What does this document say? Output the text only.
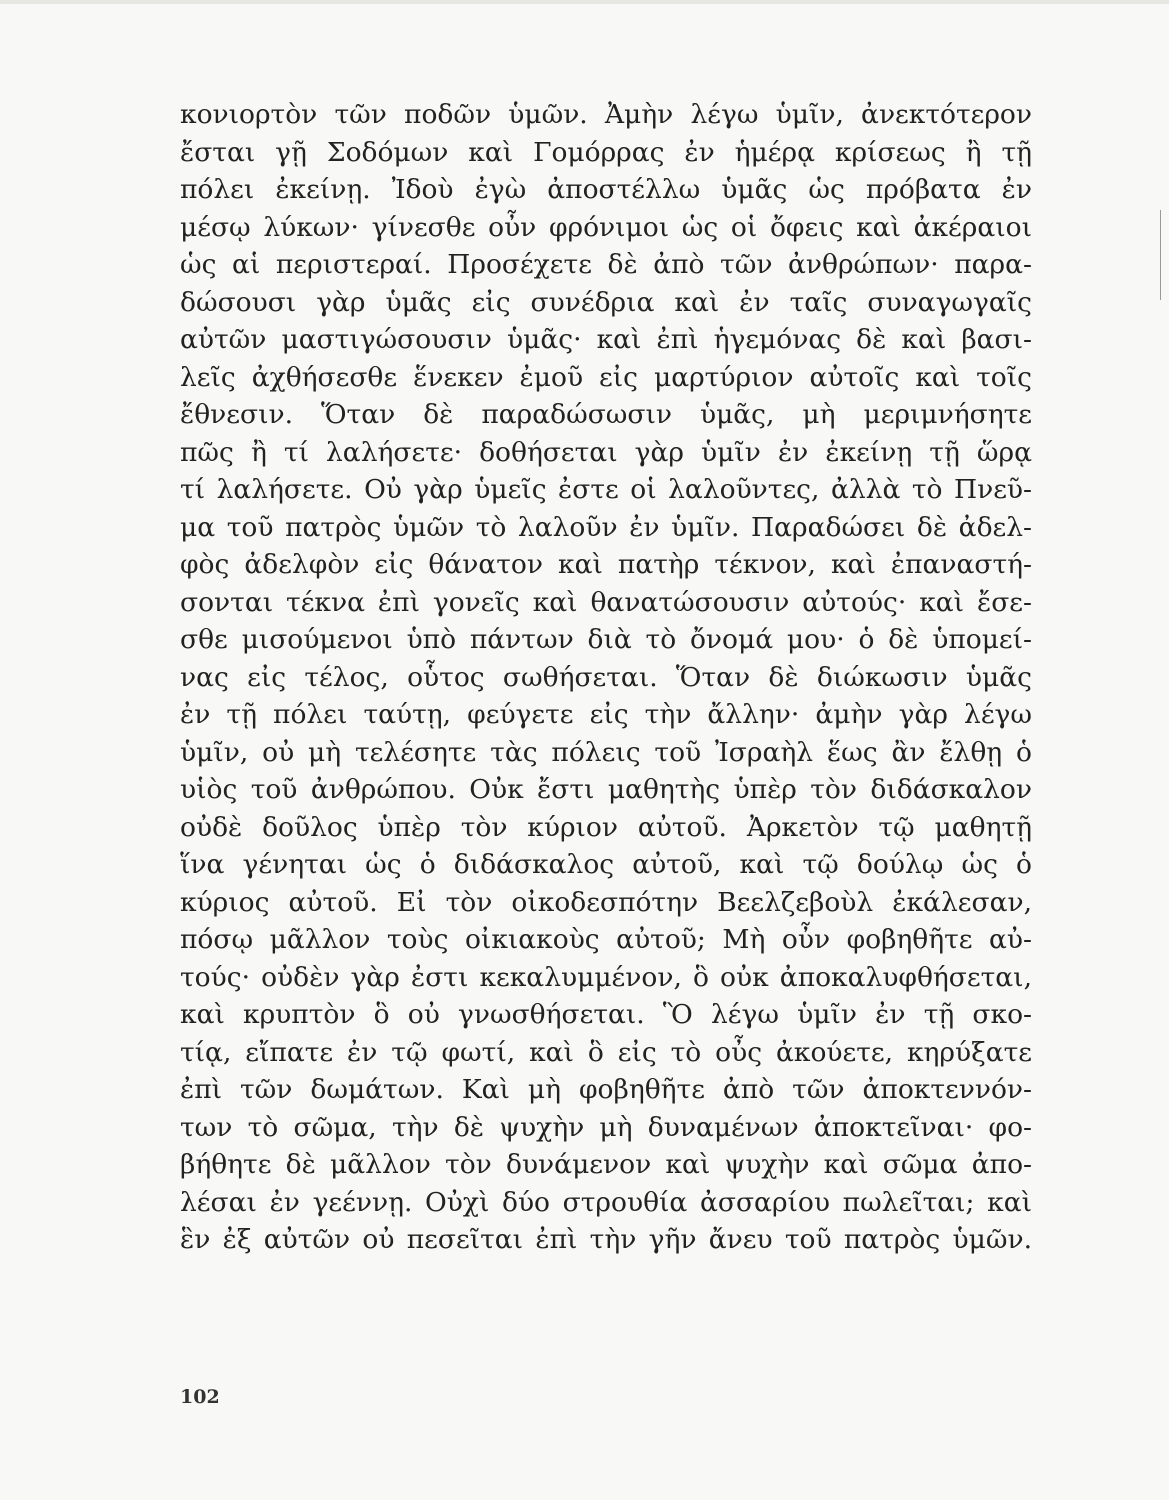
κονιορτὸν τῶν ποδῶν ὑμῶν. Ἀμὴν λέγω ὑμῖν, ἀνεκτότερον
ἔσται γῇ Σοδόμων καὶ Γομόρρας ἐν ἡμέρᾳ κρίσεως ἢ τῇ
πόλει ἐκείνῃ. Ἰδοὺ ἐγὼ ἀποστέλλω ὑμᾶς ὡς πρόβατα ἐν
μέσῳ λύκων· γίνεσθε οὖν φρόνιμοι ὡς οἱ ὄφεις καὶ ἀκέραιοι
ὡς αἱ περιστεραί. Προσέχετε δὲ ἀπὸ τῶν ἀνθρώπων· παρα-
δώσουσι γὰρ ὑμᾶς εἰς συνέδρια καὶ ἐν ταῖς συναγωγαῖς
αὐτῶν μαστιγώσουσιν ὑμᾶς· καὶ ἐπὶ ἡγεμόνας δὲ καὶ βασι-
λεῖς ἀχθήσεσθε ἕνεκεν ἐμοῦ εἰς μαρτύριον αὐτοῖς καὶ τοῖς
ἔθνεσιν. Ὅταν δὲ παραδώσωσιν ὑμᾶς, μὴ μεριμνήσητε
πῶς ἢ τί λαλήσετε· δοθήσεται γὰρ ὑμῖν ἐν ἐκείνῃ τῇ ὥρᾳ
τί λαλήσετε. Οὐ γὰρ ὑμεῖς ἐστε οἱ λαλοῦντες, ἀλλὰ τὸ Πνεῦ-
μα τοῦ πατρὸς ὑμῶν τὸ λαλοῦν ἐν ὑμῖν. Παραδώσει δὲ ἀδελ-
φὸς ἀδελφὸν εἰς θάνατον καὶ πατὴρ τέκνον, καὶ ἐπαναστή-
σονται τέκνα ἐπὶ γονεῖς καὶ θανατώσουσιν αὐτούς· καὶ ἔσε-
σθε μισούμενοι ὑπὸ πάντων διὰ τὸ ὄνομά μου· ὁ δὲ ὑπομεί-
νας εἰς τέλος, οὗτος σωθήσεται. Ὅταν δὲ διώκωσιν ὑμᾶς
ἐν τῇ πόλει ταύτῃ, φεύγετε εἰς τὴν ἄλλην· ἀμὴν γὰρ λέγω
ὑμῖν, οὐ μὴ τελέσητε τὰς πόλεις τοῦ Ἰσραὴλ ἕως ἂν ἔλθῃ ὁ
υἱὸς τοῦ ἀνθρώπου. Οὐκ ἔστι μαθητὴς ὑπὲρ τὸν διδάσκαλον
οὐδὲ δοῦλος ὑπὲρ τὸν κύριον αὐτοῦ. Ἀρκετὸν τῷ μαθητῇ
ἵνα γένηται ὡς ὁ διδάσκαλος αὐτοῦ, καὶ τῷ δούλῳ ὡς ὁ
κύριος αὐτοῦ. Εἰ τὸν οἰκοδεσπότην Βεελζεβοὺλ ἐκάλεσαν,
πόσῳ μᾶλλον τοὺς οἰκιακοὺς αὐτοῦ; Μὴ οὖν φοβηθῆτε αὐ-
τούς· οὐδὲν γὰρ ἐστι κεκαλυμμένον, ὃ οὐκ ἀποκαλυφθήσεται,
καὶ κρυπτὸν ὃ οὐ γνωσθήσεται. Ὃ λέγω ὑμῖν ἐν τῇ σκο-
τίᾳ, εἴπατε ἐν τῷ φωτί, καὶ ὃ εἰς τὸ οὖς ἀκούετε, κηρύξατε
ἐπὶ τῶν δωμάτων. Καὶ μὴ φοβηθῆτε ἀπὸ τῶν ἀποκτεννόν-
των τὸ σῶμα, τὴν δὲ ψυχὴν μὴ δυναμένων ἀποκτεῖναι· φο-
βήθητε δὲ μᾶλλον τὸν δυνάμενον καὶ ψυχὴν καὶ σῶμα ἀπο-
λέσαι ἐν γεέννῃ. Οὐχὶ δύο στρουθία ἀσσαρίου πωλεῖται; καὶ
ἓν ἐξ αὐτῶν οὐ πεσεῖται ἐπὶ τὴν γῆν ἄνευ τοῦ πατρὸς ὑμῶν.
102
